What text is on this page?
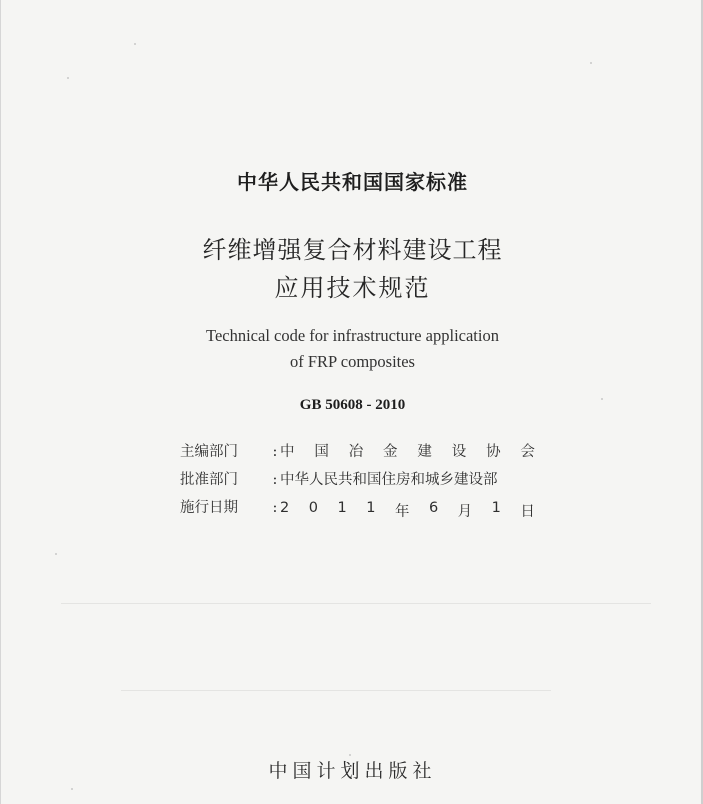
中华人民共和国国家标准
纤维增强复合材料建设工程
应用技术规范
Technical code for infrastructure application
of FRP composites
GB 50608 - 2010
主编部门	: 中 国 冶 金 建 设 协 会
批准部门	: 中华人民共和国住房和城乡建设部
施行日期	: 2 0 1 1 年 6 月 1 日
中国计划出版社
